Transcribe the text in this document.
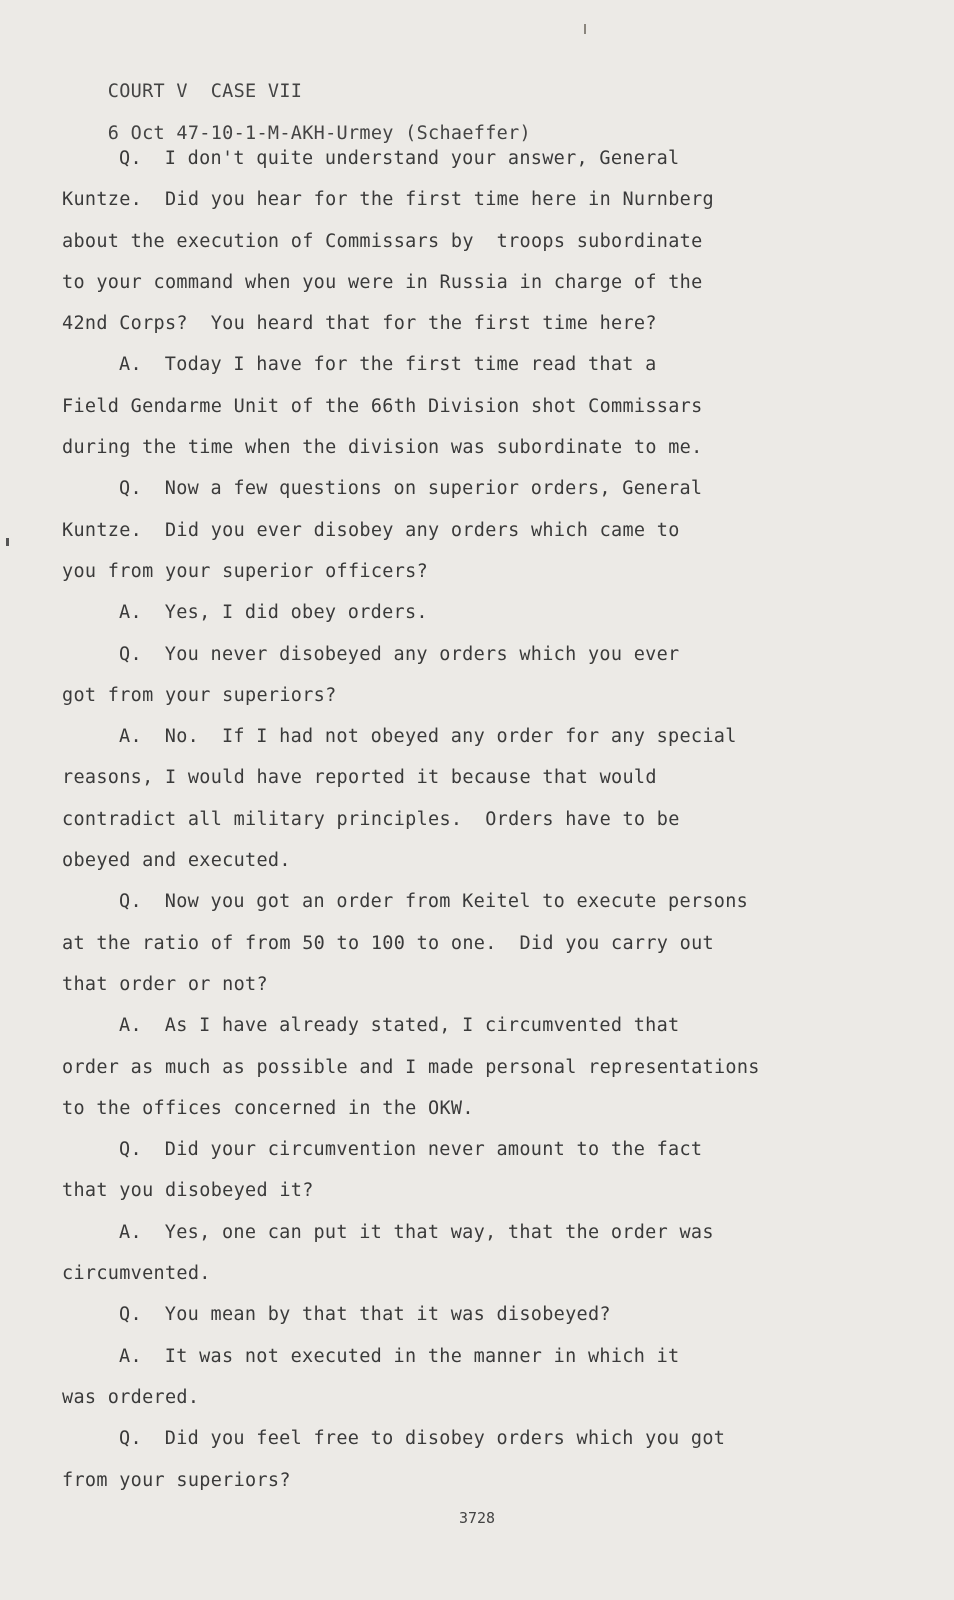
COURT V  CASE VII

6 Oct 47-10-1-M-AKH-Urmey (Schaeffer)

Q.  I don't quite understand your answer, General
Kuntze.  Did you hear for the first time here in Nurnberg
about the execution of Commissars by  troops subordinate
to your command when you were in Russia in charge of the
42nd Corps?  You heard that for the first time here?
A.  Today I have for the first time read that a
Field Gendarme Unit of the 66th Division shot Commissars
during the time when the division was subordinate to me.
Q.  Now a few questions on superior orders, General
Kuntze.  Did you ever disobey any orders which came to
you from your superior officers?
A.  Yes, I did obey orders.
Q.  You never disobeyed any orders which you ever
got from your superiors?
A.  No.  If I had not obeyed any order for any special
reasons, I would have reported it because that would
contradict all military principles.  Orders have to be
obeyed and executed.
Q.  Now you got an order from Keitel to execute persons
at the ratio of from 50 to 100 to one.  Did you carry out
that order or not?
A.  As I have already stated, I circumvented that
order as much as possible and I made personal representations
to the offices concerned in the OKW.
Q.  Did your circumvention never amount to the fact
that you disobeyed it?
A.  Yes, one can put it that way, that the order was
circumvented.
Q.  You mean by that that it was disobeyed?
A.  It was not executed in the manner in which it
was ordered.
Q.  Did you feel free to disobey orders which you got
from your superiors?
3728
